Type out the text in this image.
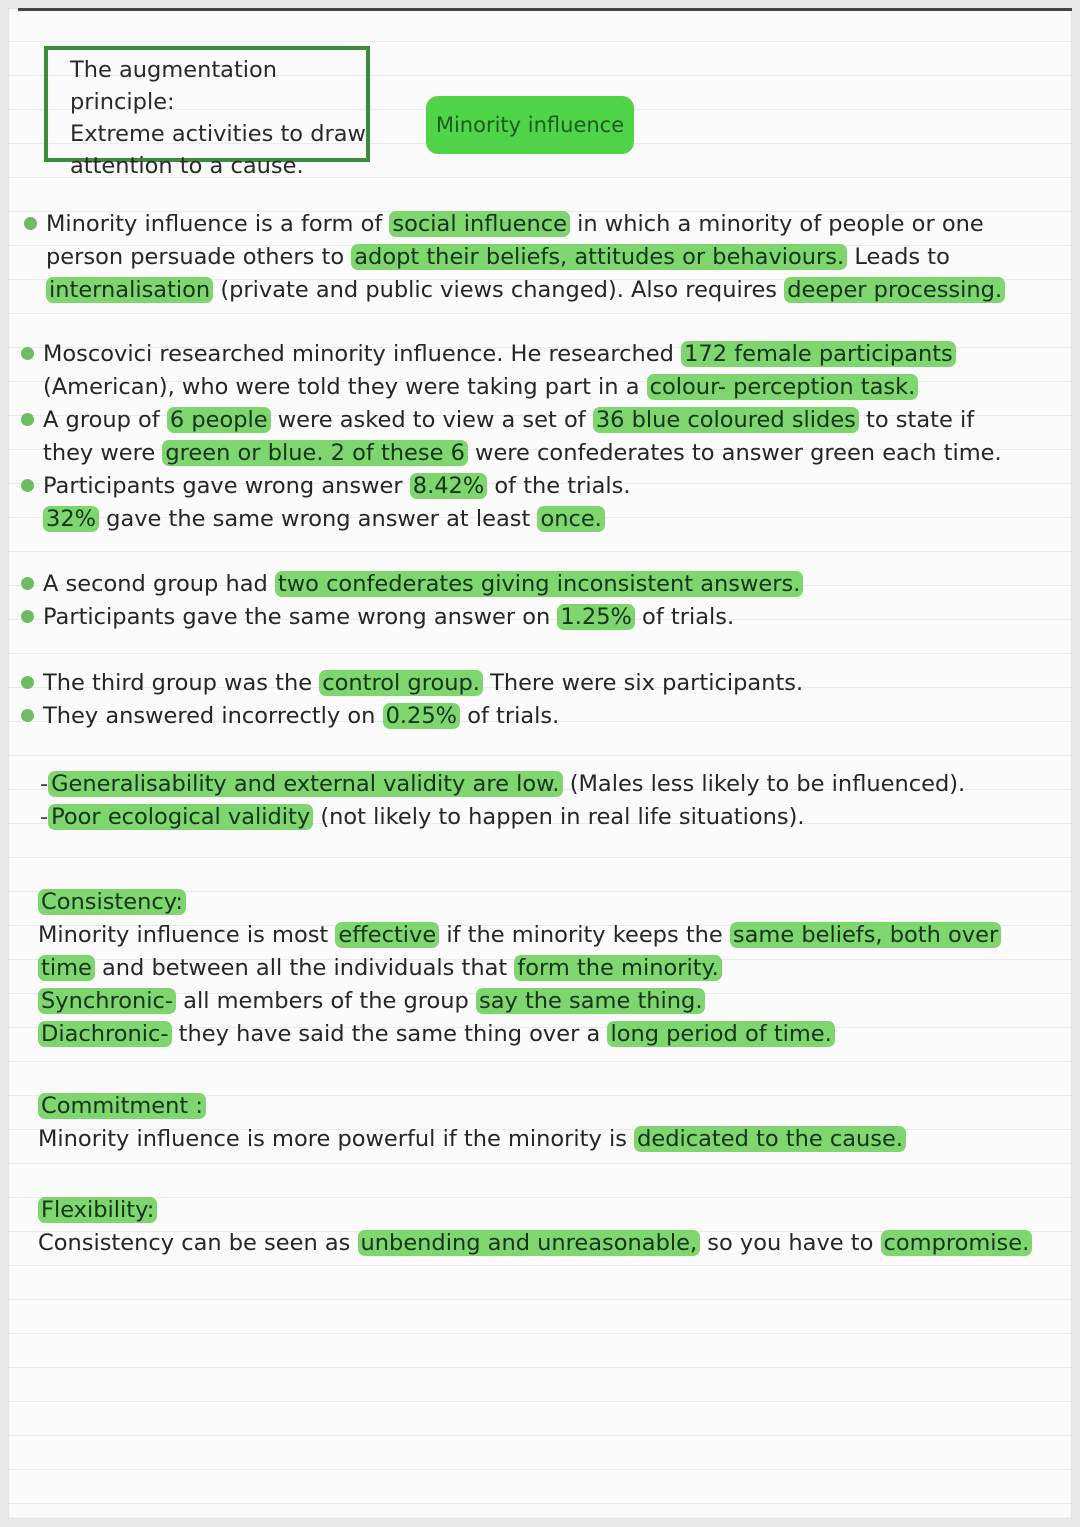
The augmentation principle:
Extreme activities to draw
attention to a cause.
Minority influence
Minority influence is a form of social influence in which a minority of people or one
person persuade others to adopt their beliefs, attitudes or behaviours. Leads to
internalisation (private and public views changed). Also requires deeper processing.
Moscovici researched minority influence. He researched 172 female participants
(American), who were told they were taking part in a colour- perception task.
A group of 6 people were asked to view a set of 36 blue coloured slides to state if
they were green or blue. 2 of these 6 were confederates to answer green each time.
Participants gave wrong answer 8.42% of the trials.
32% gave the same wrong answer at least once.
A second group had two confederates giving inconsistent answers.
Participants gave the same wrong answer on 1.25% of trials.
The third group was the control group. There were six participants.
They answered incorrectly on 0.25% of trials.
- Generalisability and external validity are low. (Males less likely to be influenced).
- Poor ecological validity (not likely to happen in real life situations).
Consistency:
Minority influence is most effective if the minority keeps the same beliefs, both over
time and between all the individuals that form the minority.
Synchronic- all members of the group say the same thing.
Diachronic- they have said the same thing over a long period of time.
Commitment :
Minority influence is more powerful if the minority is dedicated to the cause.
Flexibility:
Consistency can be seen as unbending and unreasonable, so you have to compromise.
